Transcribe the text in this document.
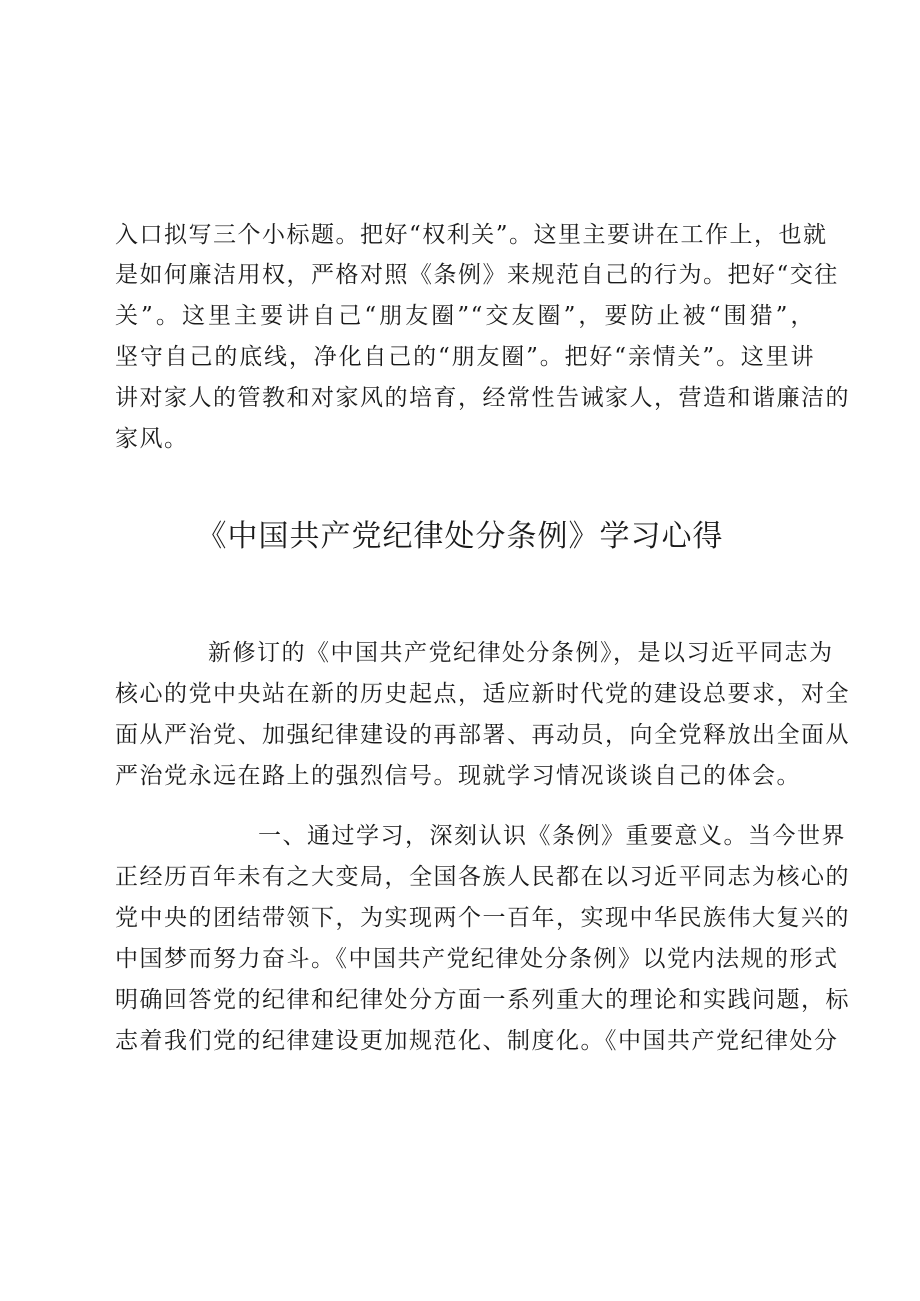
入口拟写三个小标题。把好“权利关”。这里主要讲在工作上，也就
是如何廉洁用权，严格对照《条例》来规范自己的行为。把好“交往
关”。这里主要讲自己“朋友圈”“交友圈”，要防止被“围猎”，
坚守自己的底线，净化自己的“朋友圈”。把好“亲情关”。这里讲
讲对家人的管教和对家风的培育，经常性告诫家人，营造和谐廉洁的
家风。
《中国共产党纪律处分条例》学习心得
新修订的《中国共产党纪律处分条例》，是以习近平同志为
核心的党中央站在新的历史起点，适应新时代党的建设总要求，对全
面从严治党、加强纪律建设的再部署、再动员，向全党释放出全面从
严治党永远在路上的强烈信号。现就学习情况谈谈自己的体会。
一、通过学习，深刻认识《条例》重要意义。当今世界
正经历百年未有之大变局，全国各族人民都在以习近平同志为核心的
党中央的团结带领下，为实现两个一百年，实现中华民族伟大复兴的
中国梦而努力奋斗。《中国共产党纪律处分条例》以党内法规的形式
明确回答党的纪律和纪律处分方面一系列重大的理论和实践问题，标
志着我们党的纪律建设更加规范化、制度化。《中国共产党纪律处分
